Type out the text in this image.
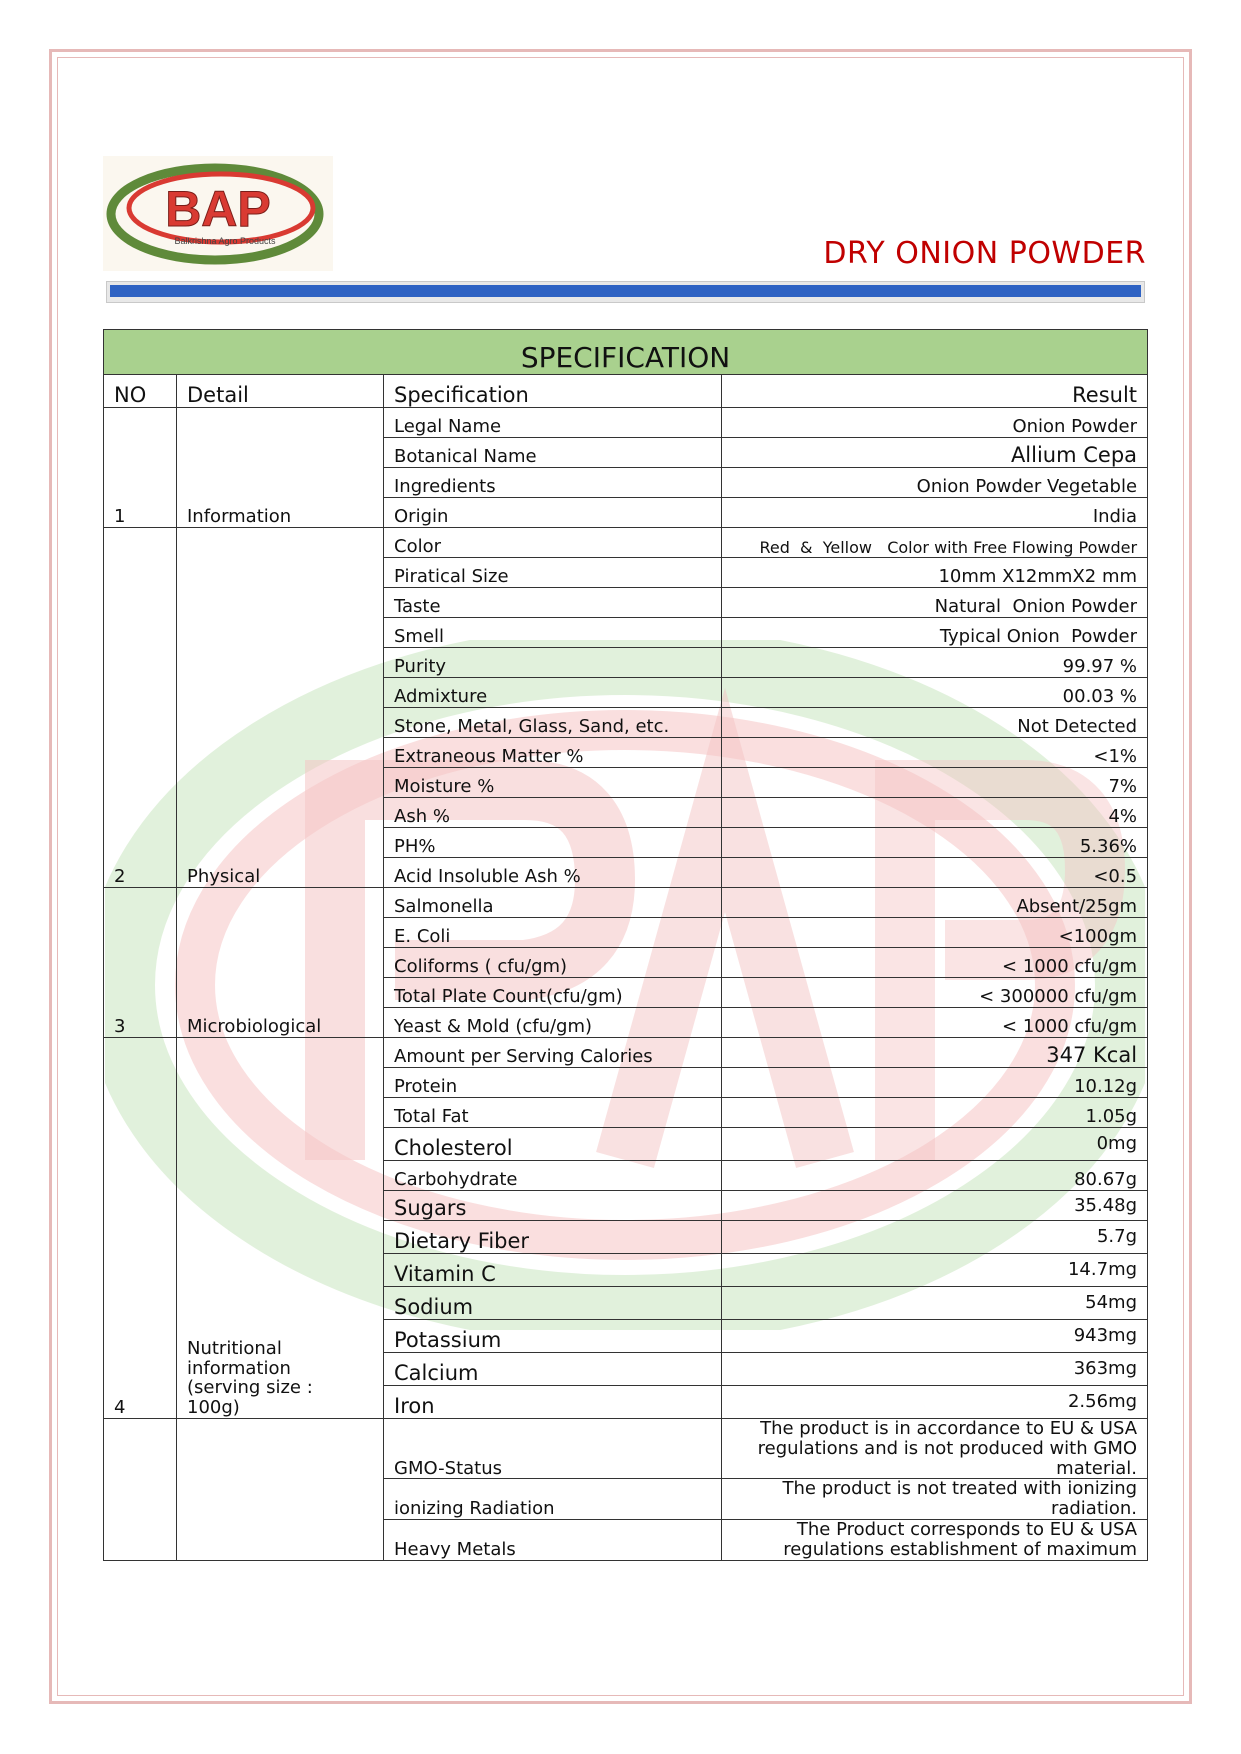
BAP
Balkrishna Agro Products	DRY ONION POWDER
SPECIFICATION			
NO	Detail	Specification	Result
1	Information	Legal Name	Onion Powder
		Botanical Name	Allium Cepa
		Ingredients	Onion Powder Vegetable
		Origin	India
2	Physical	Color	Red  &  Yellow   Color with Free Flowing Powder
		Piratical Size	10mm X12mmX2 mm
		Taste	Natural  Onion Powder
		Smell	Typical Onion  Powder
		Purity	99.97 %
		Admixture	00.03 %
		Stone, Metal, Glass, Sand, etc.	Not Detected
		Extraneous Matter %	<1%
		Moisture %	7%
		Ash %	4%
		PH%	5.36%
		Acid Insoluble Ash %	<0.5
3	Microbiological	Salmonella	Absent/25gm
		E. Coli	<100gm
		Coliforms ( cfu/gm)	< 1000 cfu/gm
		Total Plate Count(cfu/gm)	< 300000 cfu/gm
		Yeast & Mold (cfu/gm)	< 1000 cfu/gm
4	Nutritional
information
(serving size :
100g)	Amount per Serving Calories	347 Kcal
		Protein	10.12g
		Total Fat	1.05g
		Cholesterol	0mg
		Carbohydrate	80.67g
		Sugars	35.48g
		Dietary Fiber	5.7g
		Vitamin C	14.7mg
		Sodium	54mg
		Potassium	943mg
		Calcium	363mg
		Iron	2.56mg
		GMO-Status	The product is in accordance to EU & USA
regulations and is not produced with GMO
material.

		ionizing Radiation	The product is not treated with ionizing
radiation.

		Heavy Metals	The Product corresponds to EU & USA
regulations establishment of maximum
